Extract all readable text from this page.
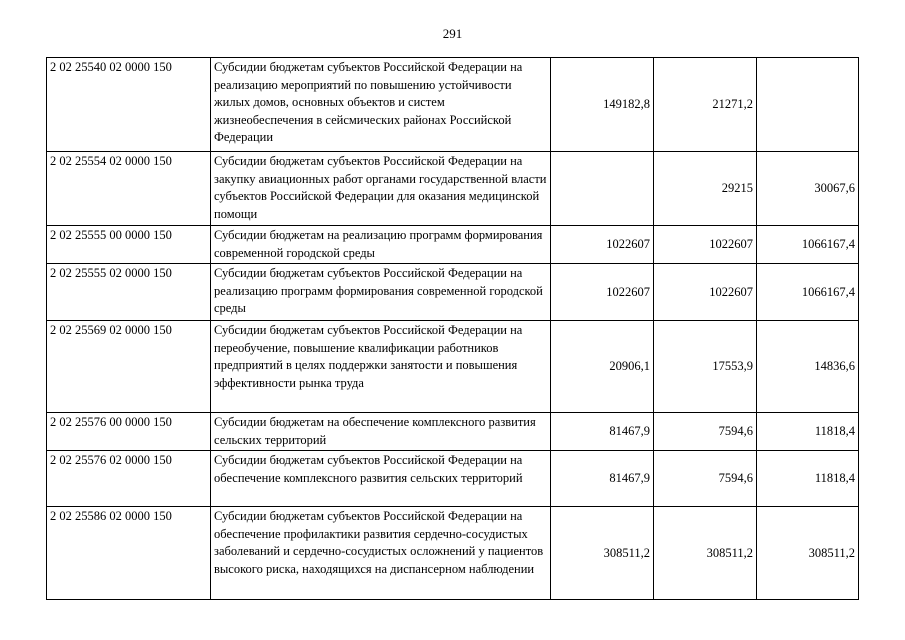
291
2 02 25540 02 0000 150	Субсидии бюджетам субъектов Российской Федерации на реализацию мероприятий по повышению устойчивости жилых домов, основных объектов и систем жизнеобеспечения в сейсмических районах Российской Федерации	149182,8	21271,2	
2 02 25554 02 0000 150	Субсидии бюджетам субъектов Российской Федерации на закупку авиационных работ органами государственной власти субъектов Российской Федерации для оказания медицинской помощи		29215	30067,6
2 02 25555 00 0000 150	Субсидии бюджетам на реализацию программ формирования современной городской среды	1022607	1022607	1066167,4
2 02 25555 02 0000 150	Субсидии бюджетам субъектов Российской Федерации на реализацию программ формирования современной городской среды	1022607	1022607	1066167,4
2 02 25569 02 0000 150	Субсидии бюджетам субъектов Российской Федерации на переобучение, повышение квалификации работников предприятий в целях поддержки занятости и повышения эффективности рынка труда	20906,1	17553,9	14836,6
2 02 25576 00 0000 150	Субсидии бюджетам на обеспечение комплексного развития сельских территорий	81467,9	7594,6	11818,4
2 02 25576 02 0000 150	Субсидии бюджетам субъектов Российской Федерации на обеспечение комплексного развития сельских территорий	81467,9	7594,6	11818,4
2 02 25586 02 0000 150	Субсидии бюджетам субъектов Российской Федерации на обеспечение профилактики развития сердечно-сосудистых заболеваний и сердечно-сосудистых осложнений у пациентов высокого риска, находящихся на диспансерном наблюдении	308511,2	308511,2	308511,2
